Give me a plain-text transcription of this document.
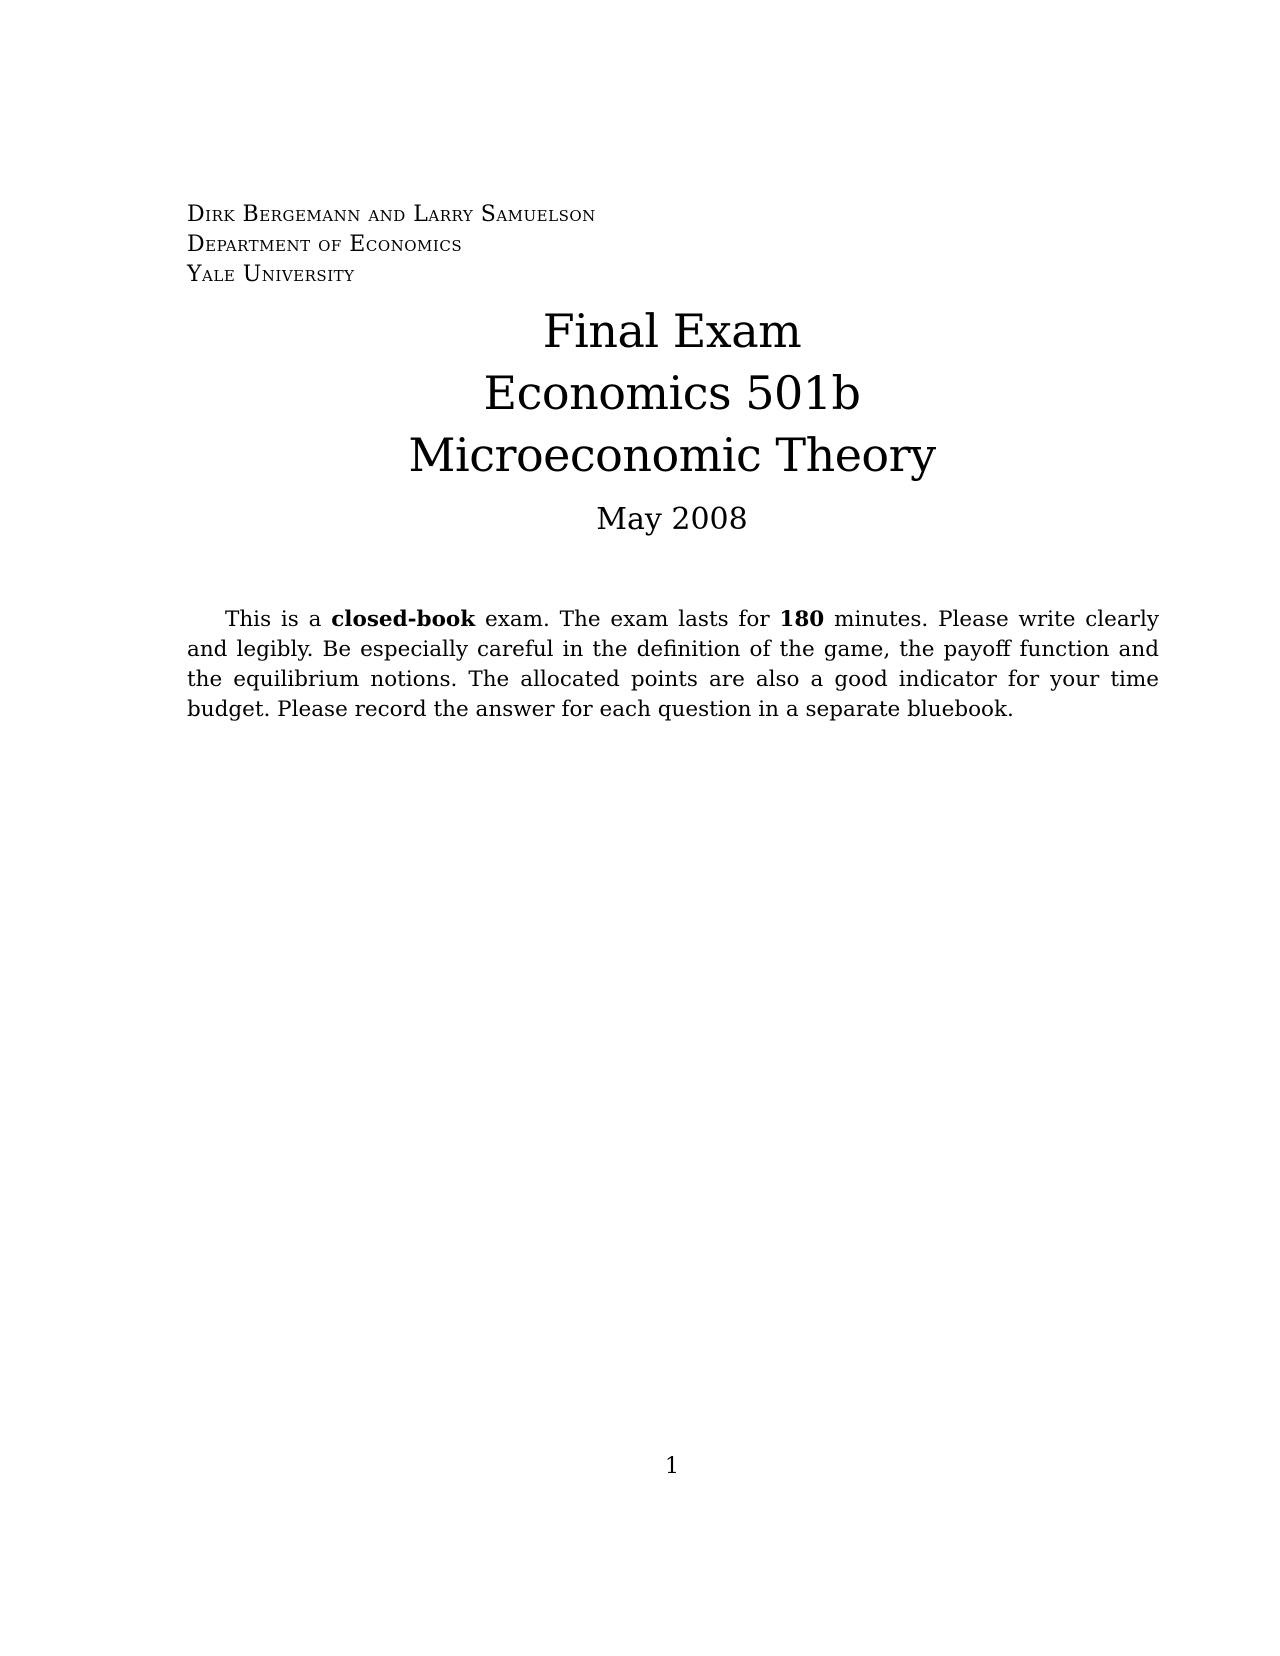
Dirk Bergemann and Larry Samuelson
Department of Economics
Yale University
Final Exam
Economics 501b
Microeconomic Theory
May 2008
This is a closed-book exam. The exam lasts for 180 minutes. Please write clearly and legibly. Be especially careful in the definition of the game, the payoff function and the equilibrium notions. The allocated points are also a good indicator for your time budget. Please record the answer for each question in a separate bluebook.
1
